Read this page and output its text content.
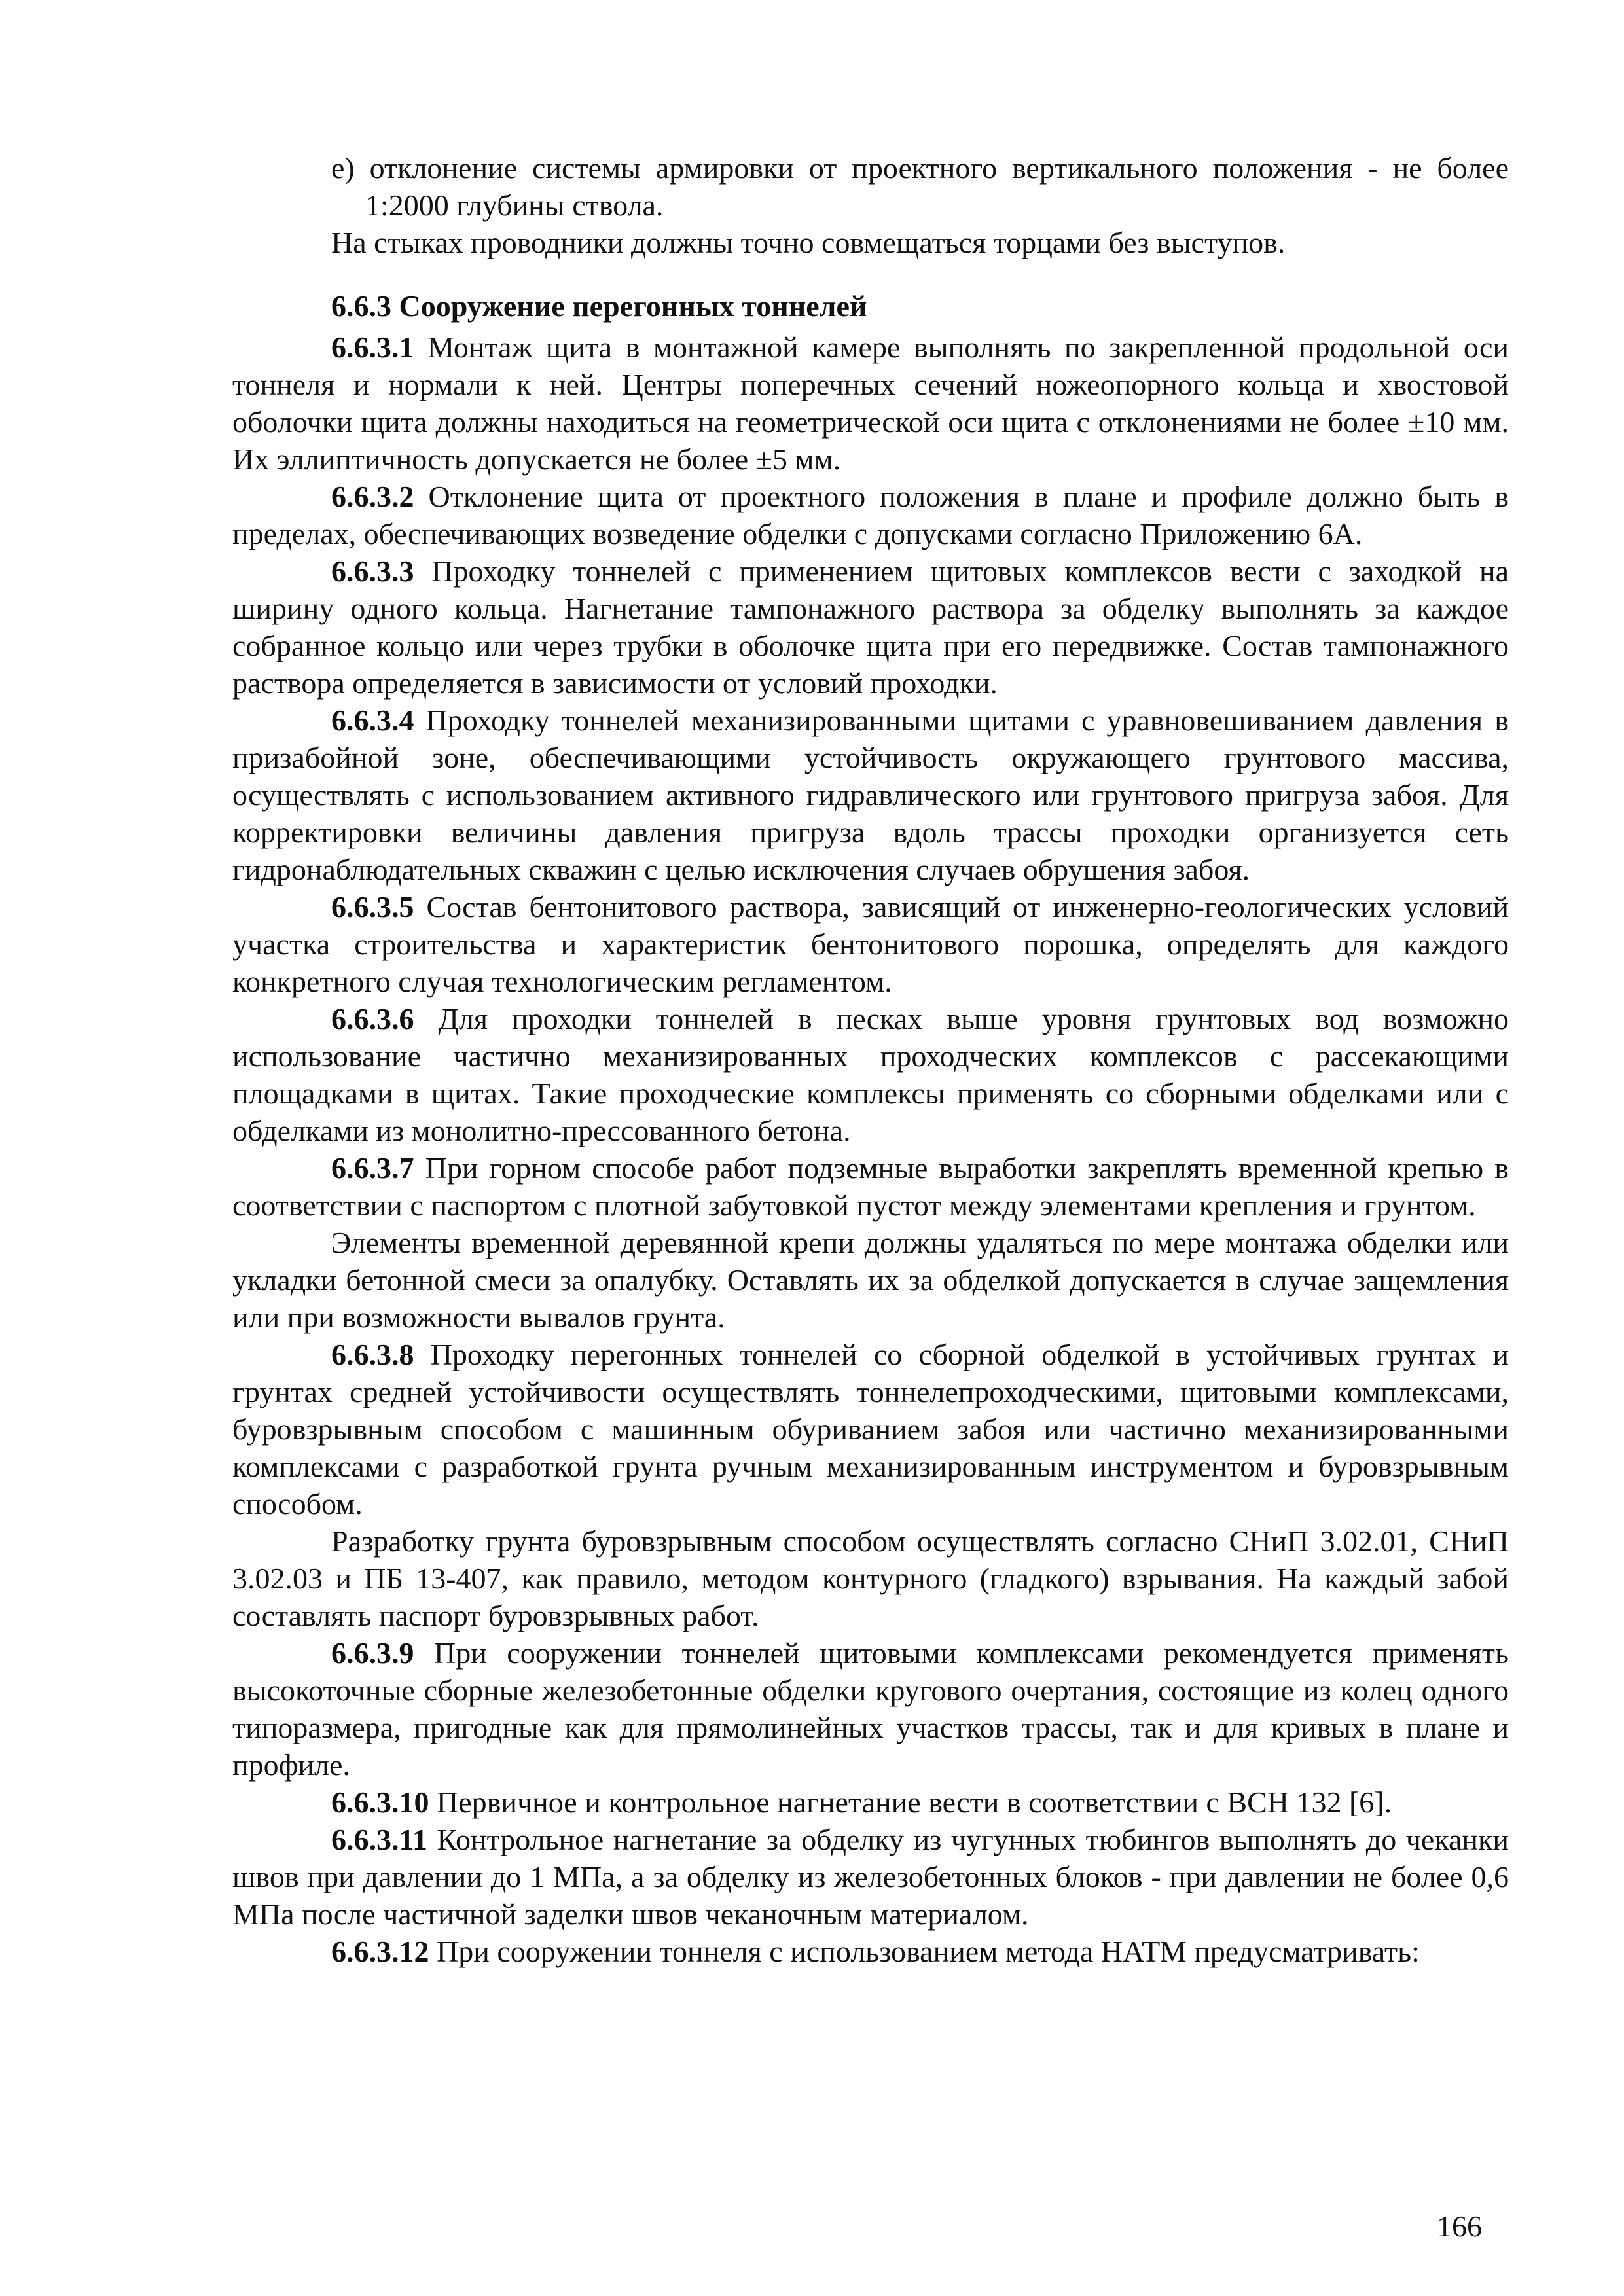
е) отклонение системы армировки от проектного вертикального положения - не более 1:2000 глубины ствола.

На стыках проводники должны точно совмещаться торцами без выступов.

6.6.3 Сооружение перегонных тоннелей

6.6.3.1 Монтаж щита в монтажной камере выполнять по закрепленной продольной оси тоннеля и нормали к ней. Центры поперечных сечений ножеопорного кольца и хвостовой оболочки щита должны находиться на геометрической оси щита с отклонениями не более ±10 мм. Их эллиптичность допускается не более ±5 мм.

6.6.3.2 Отклонение щита от проектного положения в плане и профиле должно быть в пределах, обеспечивающих возведение обделки с допусками согласно Приложению 6А.

6.6.3.3 Проходку тоннелей с применением щитовых комплексов вести с заходкой на ширину одного кольца. Нагнетание тампонажного раствора за обделку выполнять за каждое собранное кольцо или через трубки в оболочке щита при его передвижке. Состав тампонажного раствора определяется в зависимости от условий проходки.

6.6.3.4 Проходку тоннелей механизированными щитами с уравновешиванием давления в призабойной зоне, обеспечивающими устойчивость окружающего грунтового массива, осуществлять с использованием активного гидравлического или грунтового пригруза забоя. Для корректировки величины давления пригруза вдоль трассы проходки организуется сеть гидронаблюдательных скважин с целью исключения случаев обрушения забоя.

6.6.3.5 Состав бентонитового раствора, зависящий от инженерно-геологических условий участка строительства и характеристик бентонитового порошка, определять для каждого конкретного случая технологическим регламентом.

6.6.3.6 Для проходки тоннелей в песках выше уровня грунтовых вод возможно использование частично механизированных проходческих комплексов с рассекающими площадками в щитах. Такие проходческие комплексы применять со сборными обделками или с обделками из монолитно-прессованного бетона.

6.6.3.7 При горном способе работ подземные выработки закреплять временной крепью в соответствии с паспортом с плотной забутовкой пустот между элементами крепления и грунтом.

Элементы временной деревянной крепи должны удаляться по мере монтажа обделки или укладки бетонной смеси за опалубку. Оставлять их за обделкой допускается в случае защемления или при возможности вывалов грунта.

6.6.3.8 Проходку перегонных тоннелей со сборной обделкой в устойчивых грунтах и грунтах средней устойчивости осуществлять тоннелепроходческими, щитовыми комплексами, буровзрывным способом с машинным обуриванием забоя или частично механизированными комплексами с разработкой грунта ручным механизированным инструментом и буровзрывным способом.

Разработку грунта буровзрывным способом осуществлять согласно СНиП 3.02.01, СНиП 3.02.03 и ПБ 13-407, как правило, методом контурного (гладкого) взрывания. На каждый забой составлять паспорт буровзрывных работ.

6.6.3.9 При сооружении тоннелей щитовыми комплексами рекомендуется применять высокоточные сборные железобетонные обделки кругового очертания, состоящие из колец одного типоразмера, пригодные как для прямолинейных участков трассы, так и для кривых в плане и профиле.

6.6.3.10 Первичное и контрольное нагнетание вести в соответствии с ВСН 132 [6].

6.6.3.11 Контрольное нагнетание за обделку из чугунных тюбингов выполнять до чеканки швов при давлении до 1 МПа, а за обделку из железобетонных блоков - при давлении не более 0,6 МПа после частичной заделки швов чеканочным материалом.

6.6.3.12 При сооружении тоннеля с использованием метода НАТМ предусматривать:

166
